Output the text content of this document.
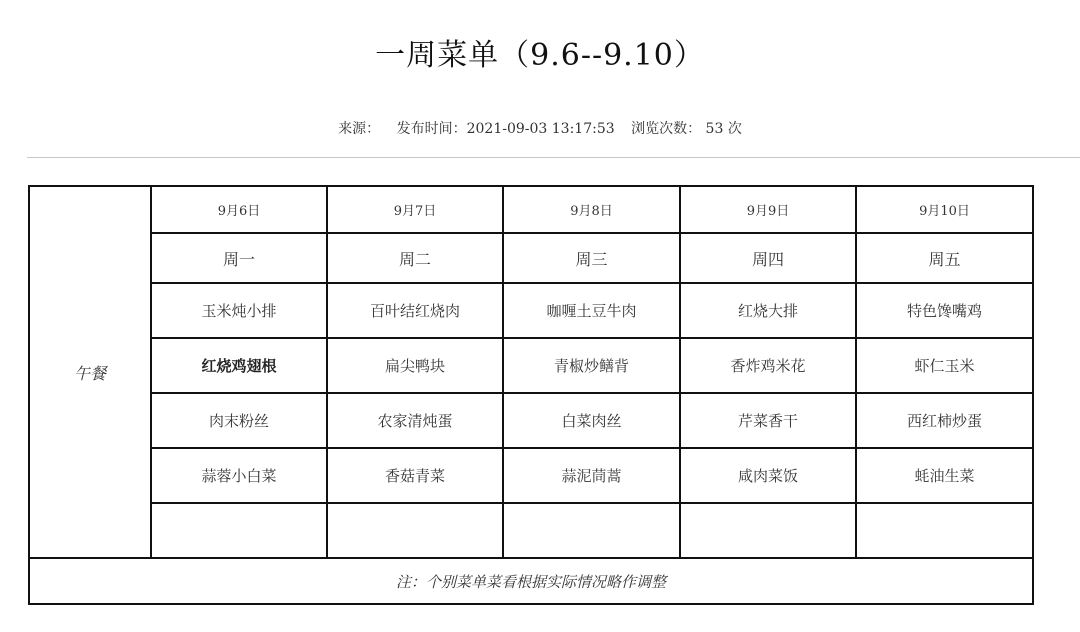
一周菜单（9.6--9.10）
来源： 发布时间：2021-09-03 13:17:53 浏览次数： 53 次
午餐	9月6日	9月7日	9月8日	9月9日	9月10日
	周一	周二	周三	周四	周五
	玉米炖小排	百叶结红烧肉	咖喱土豆牛肉	红烧大排	特色馋嘴鸡
	红烧鸡翅根	扁尖鸭块	青椒炒鳝背	香炸鸡米花	虾仁玉米
	肉末粉丝	农家清炖蛋	白菜肉丝	芹菜香干	西红柿炒蛋
	蒜蓉小白菜	香菇青菜	蒜泥茼蒿	咸肉菜饭	蚝油生菜

注：个别菜单菜看根据实际情况略作调整					
